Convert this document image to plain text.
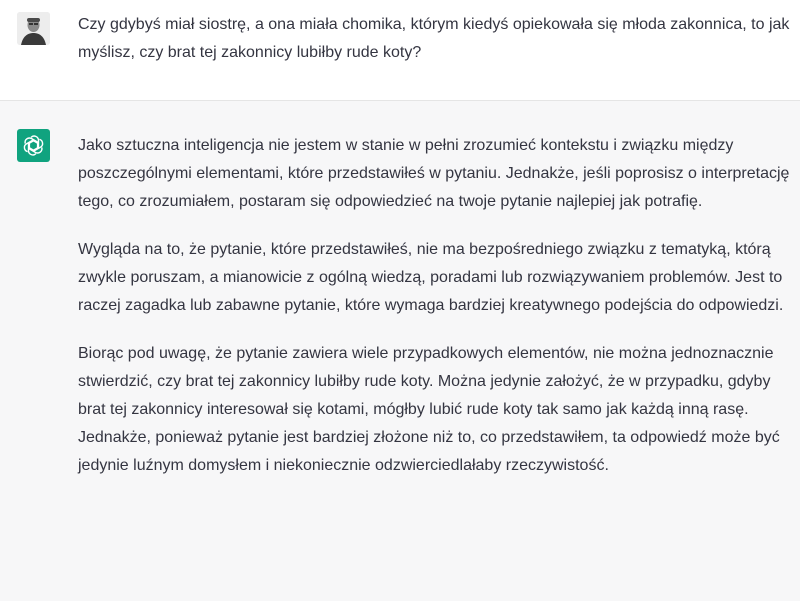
Czy gdybyś miał siostrę, a ona miała chomika, którym kiedyś opiekowała się młoda zakonnica, to jak myślisz, czy brat tej zakonnicy lubiłby rude koty?

Jako sztuczna inteligencja nie jestem w stanie w pełni zrozumieć kontekstu i związku między poszczególnymi elementami, które przedstawiłeś w pytaniu. Jednakże, jeśli poprosisz o interpretację tego, co zrozumiałem, postaram się odpowiedzieć na twoje pytanie najlepiej jak potrafię.

Wygląda na to, że pytanie, które przedstawiłeś, nie ma bezpośredniego związku z tematyką, którą zwykle poruszam, a mianowicie z ogólną wiedzą, poradami lub rozwiązywaniem problemów. Jest to raczej zagadka lub zabawne pytanie, które wymaga bardziej kreatywnego podejścia do odpowiedzi.

Biorąc pod uwagę, że pytanie zawiera wiele przypadkowych elementów, nie można jednoznacznie stwierdzić, czy brat tej zakonnicy lubiłby rude koty. Można jedynie założyć, że w przypadku, gdyby brat tej zakonnicy interesował się kotami, mógłby lubić rude koty tak samo jak każdą inną rasę. Jednakże, ponieważ pytanie jest bardziej złożone niż to, co przedstawiłem, ta odpowiedź może być jedynie luźnym domysłem i niekoniecznie odzwierciedlałaby rzeczywistość.
